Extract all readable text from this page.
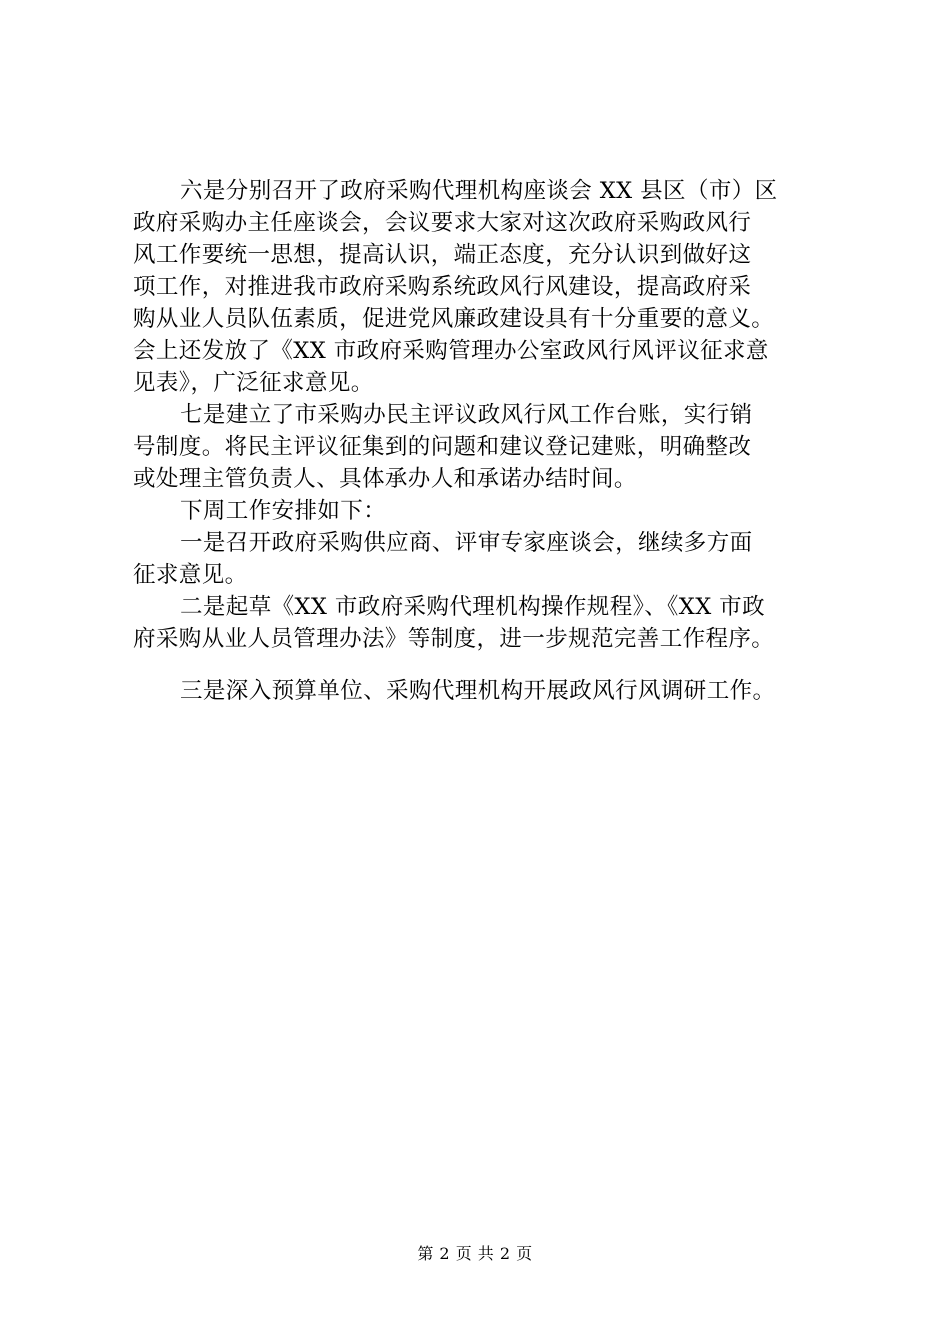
六是分别召开了政府采购代理机构座谈会 XX 县区（市）区
政府采购办主任座谈会，会议要求大家对这次政府采购政风行
风工作要统一思想，提高认识，端正态度，充分认识到做好这
项工作，对推进我市政府采购系统政风行风建设，提高政府采
购从业人员队伍素质，促进党风廉政建设具有十分重要的意义。
会上还发放了《XX 市政府采购管理办公室政风行风评议征求意
见表》，广泛征求意见。
七是建立了市采购办民主评议政风行风工作台账，实行销
号制度。将民主评议征集到的问题和建议登记建账，明确整改
或处理主管负责人、具体承办人和承诺办结时间。
下周工作安排如下：
一是召开政府采购供应商、评审专家座谈会，继续多方面
征求意见。
二是起草《XX 市政府采购代理机构操作规程》、《XX 市政
府采购从业人员管理办法》等制度，进一步规范完善工作程序。
三是深入预算单位、采购代理机构开展政风行风调研工作。
第 2 页 共 2 页
